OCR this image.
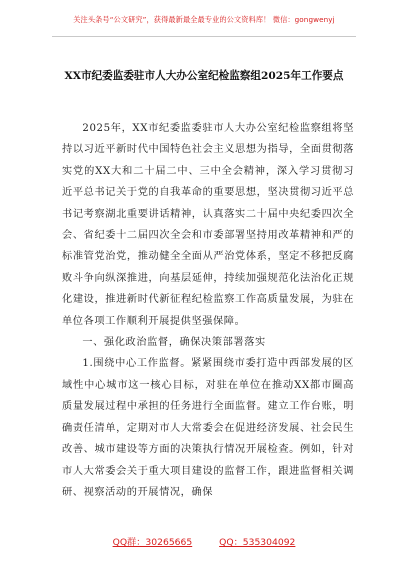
关注头条号“公文研究”，获得最新最全最专业的公文资料库！ 微信：gongwenyj
XX市纪委监委驻市人大办公室纪检监察组2025年工作要点

2025年，XX市纪委监委驻市人大办公室纪检监察组将坚持以习近平新时代中国特色社会主义思想为指导，全面贯彻落实党的XX大和二十届二中、三中全会精神，深入学习贯彻习近平总书记关于党的自我革命的重要思想，坚决贯彻习近平总书记考察湖北重要讲话精神，认真落实二十届中央纪委四次全会、省纪委十二届四次全会和市委部署坚持用改革精神和严的标准管党治党，推动健全全面从严治党体系，坚定不移把反腐败斗争向纵深推进，向基层延伸，持续加强规范化法治化正规化建设，推进新时代新征程纪检监察工作高质量发展，为驻在单位各项工作顺利开展提供坚强保障。

一、强化政治监督，确保决策部署落实

1.围绕中心工作监督。紧紧围绕市委打造中西部发展的区域性中心城市这一核心目标，对驻在单位在推动XX都市圈高质量发展过程中承担的任务进行全面监督。建立工作台账，明确责任清单，定期对市人大常委会在促进经济发展、社会民生改善、城市建设等方面的决策执行情况开展检查。例如，针对市人大常委会关于重大项目建设的监督工作，跟进监督相关调研、视察活动的开展情况，确保

QQ群：30265665	QQ：535304092
